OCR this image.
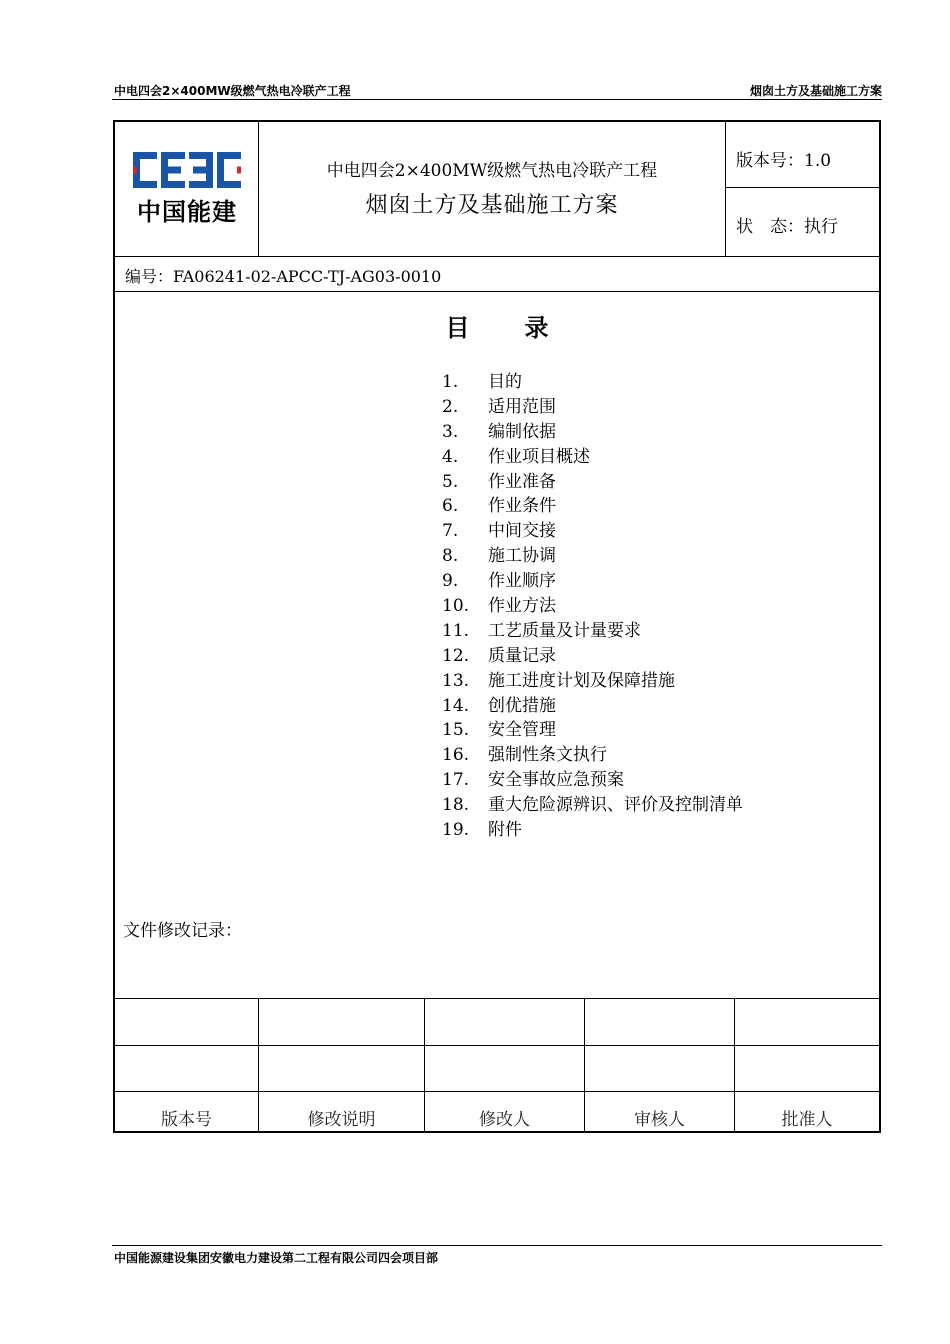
中电四会2×400MW级燃气热电冷联产工程	烟囱土方及基础施工方案
中国能建
中电四会2×400MW级燃气热电冷联产工程
烟囱土方及基础施工方案
版本号：1.0
状　态：执行
编号：FA06241-02-APCC-TJ-AG03-0010
目录
1. 目的
2. 适用范围
3. 编制依据
4. 作业项目概述
5. 作业准备
6. 作业条件
7. 中间交接
8. 施工协调
9. 作业顺序
10. 作业方法
11. 工艺质量及计量要求
12. 质量记录
13. 施工进度计划及保障措施
14. 创优措施
15. 安全管理
16. 强制性条文执行
17. 安全事故应急预案
18. 重大危险源辨识、评价及控制清单
19. 附件
文件修改记录：
版本号	修改说明	修改人	审核人	批准人
中国能源建设集团安徽电力建设第二工程有限公司四会项目部
